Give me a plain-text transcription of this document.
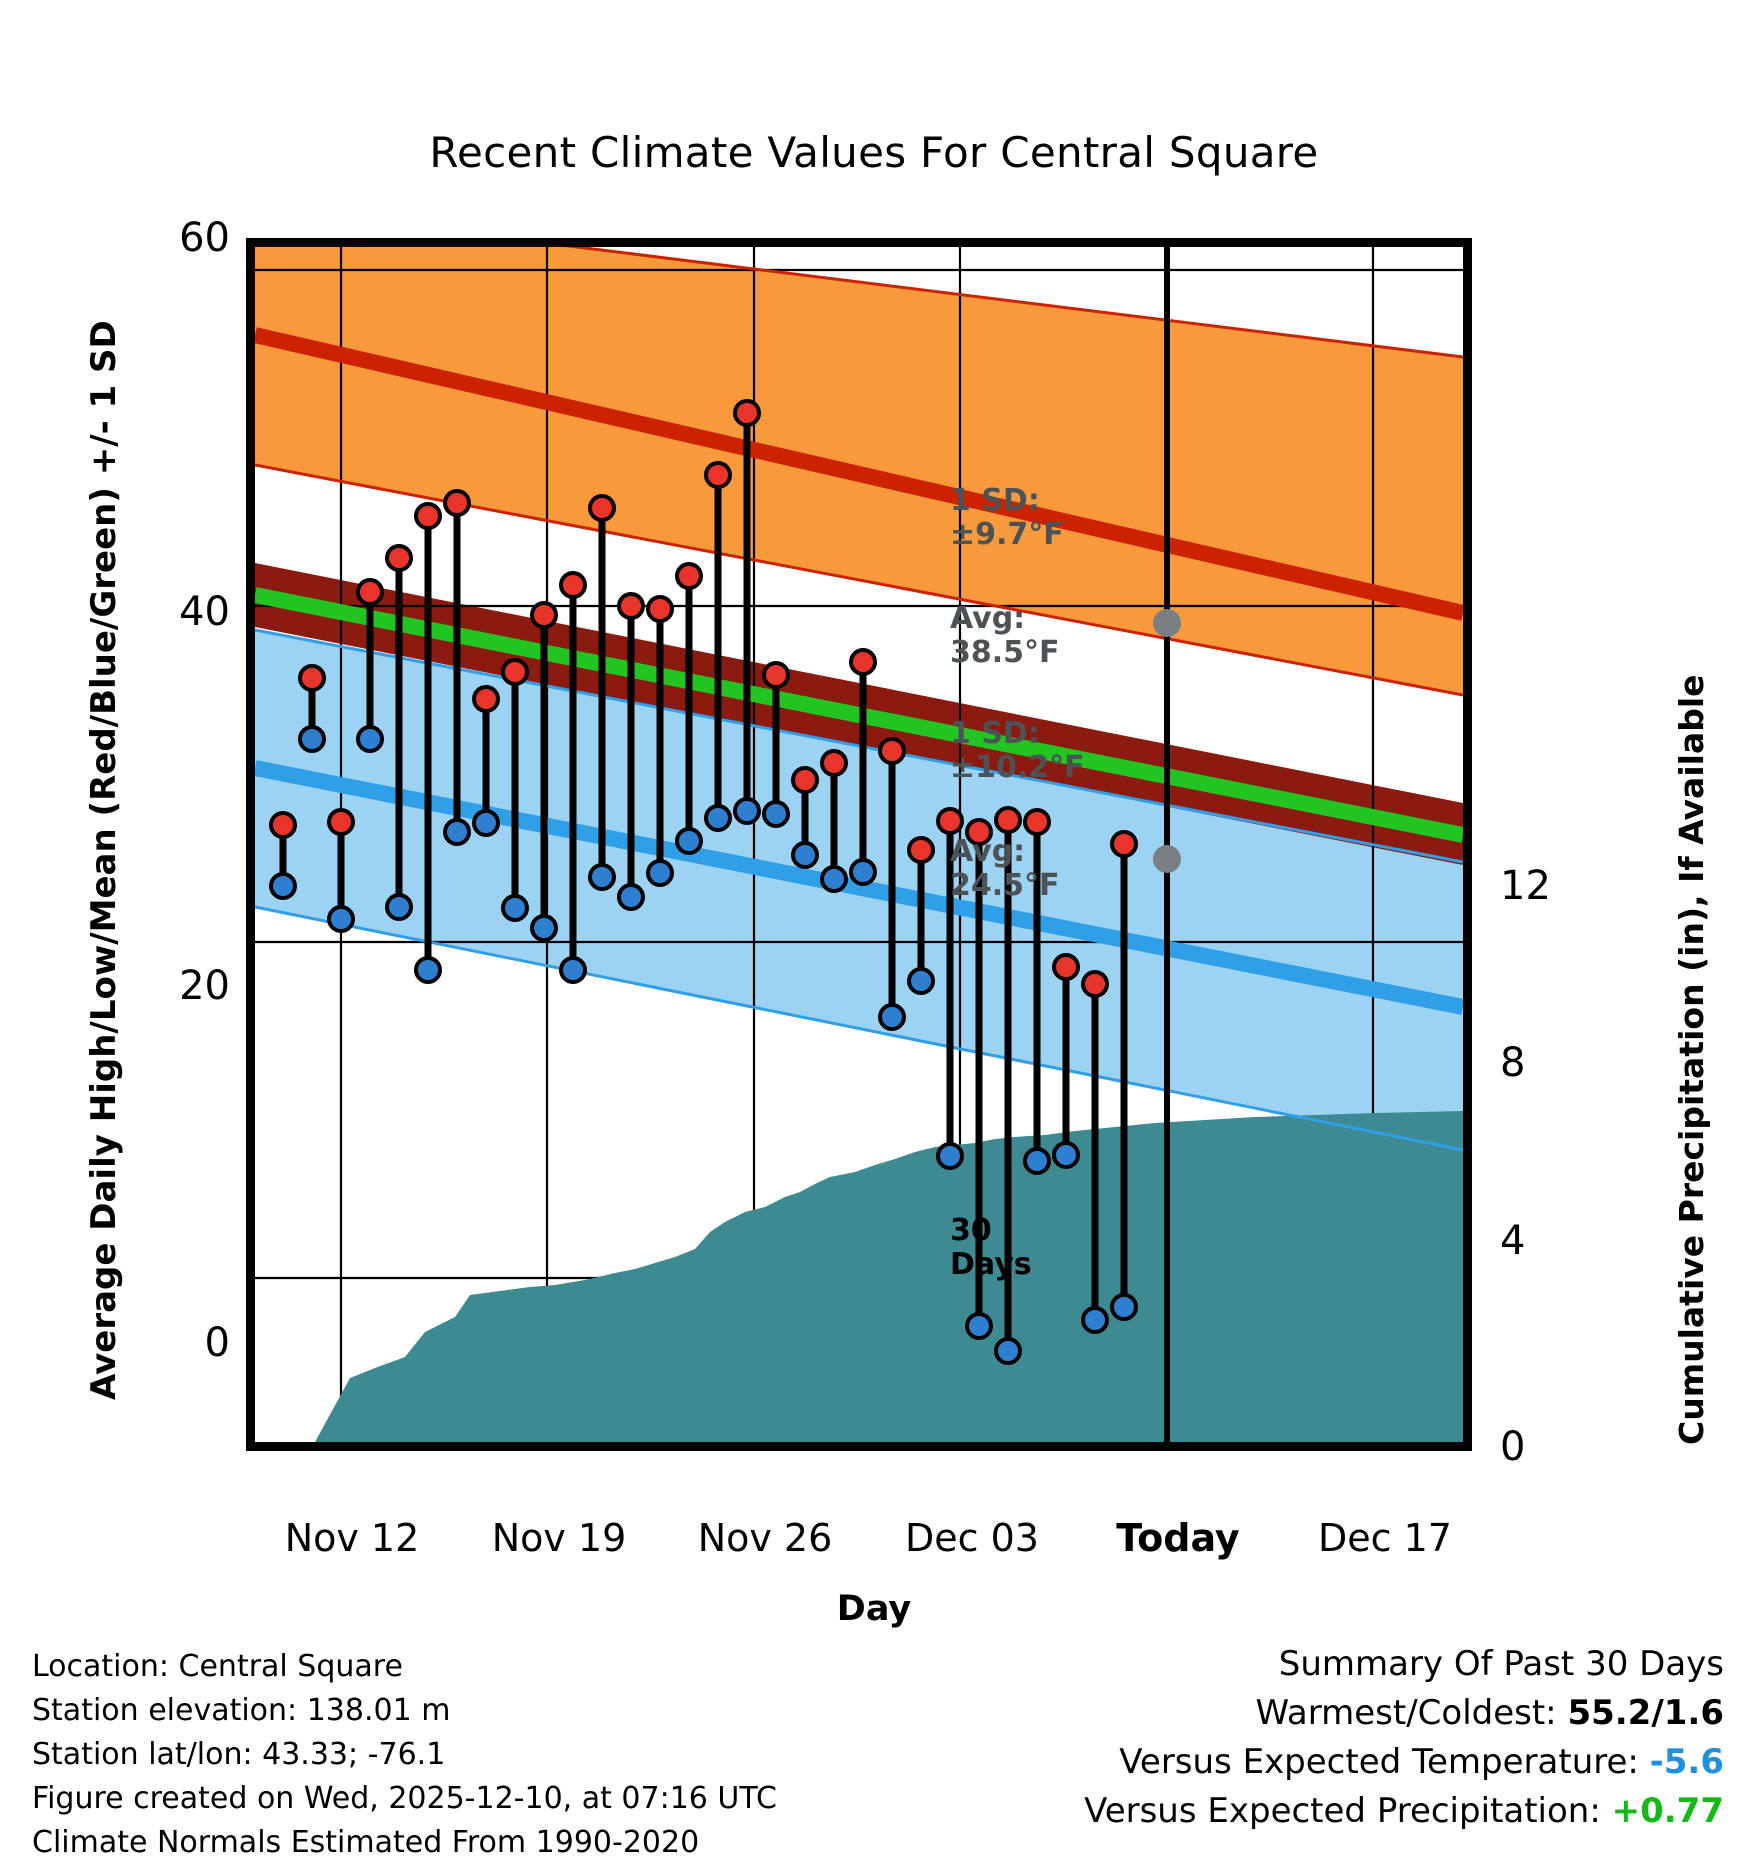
Recent Climate Values For Central Square
Average Daily High/Low/Mean (Red/Blue/Green) +/- 1 SD	Cumulative Precipitation (in), If Available
60
40
20
0
12
8
4
0
Nov 12	Nov 19	Nov 26	Dec 03	Today	Dec 17
Day
1 SD:
±9.7°F
Avg:
38.5°F
1 SD:
±10.2°F
Avg:
24.5°F
30
Days
Location: Central Square
Station elevation: 138.01 m
Station lat/lon: 43.33; -76.1
Figure created on Wed, 2025-12-10, at 07:16 UTC
Climate Normals Estimated From 1990-2020
Summary Of Past 30 Days
Warmest/Coldest: 55.2/1.6
Versus Expected Temperature: -5.6
Versus Expected Precipitation: +0.77
